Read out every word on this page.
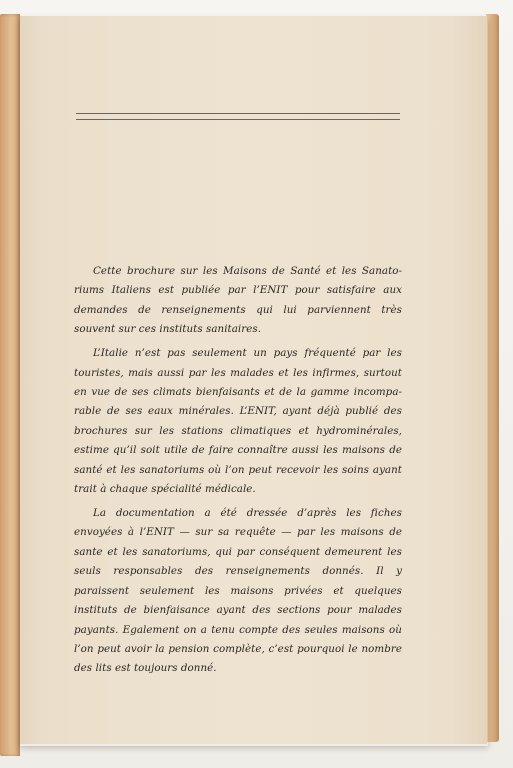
Cette brochure sur les Maisons de Santé et les Sanatoriums Italiens est publiée par l’ENIT pour satisfaire aux demandes de renseignements qui lui parviennent très souvent sur ces instituts sanitaires.

L’Italie n’est pas seulement un pays fréquenté par les touristes, mais aussi par les malades et les infirmes, surtout en vue de ses climats bienfaisants et de la gamme incomparable de ses eaux minérales. L’ENIT, ayant déjà publié des brochures sur les stations climatiques et hydrominérales, estime qu’il soit utile de faire connaître aussi les maisons de santé et les sanatoriums où l’on peut recevoir les soins ayant trait à chaque spécialité médicale.

La documentation a été dressée d’après les fiches envoyées à l’ENIT — sur sa requête — par les maisons de sante et les sanatoriums, qui par conséquent demeurent les seuls responsables des renseignements donnés. Il y paraissent seulement les maisons privées et quelques instituts de bienfaisance ayant des sections pour malades payants. Egalement on a tenu compte des seules maisons où l’on peut avoir la pension complète, c’est pourquoi le nombre des lits est toujours donné.
